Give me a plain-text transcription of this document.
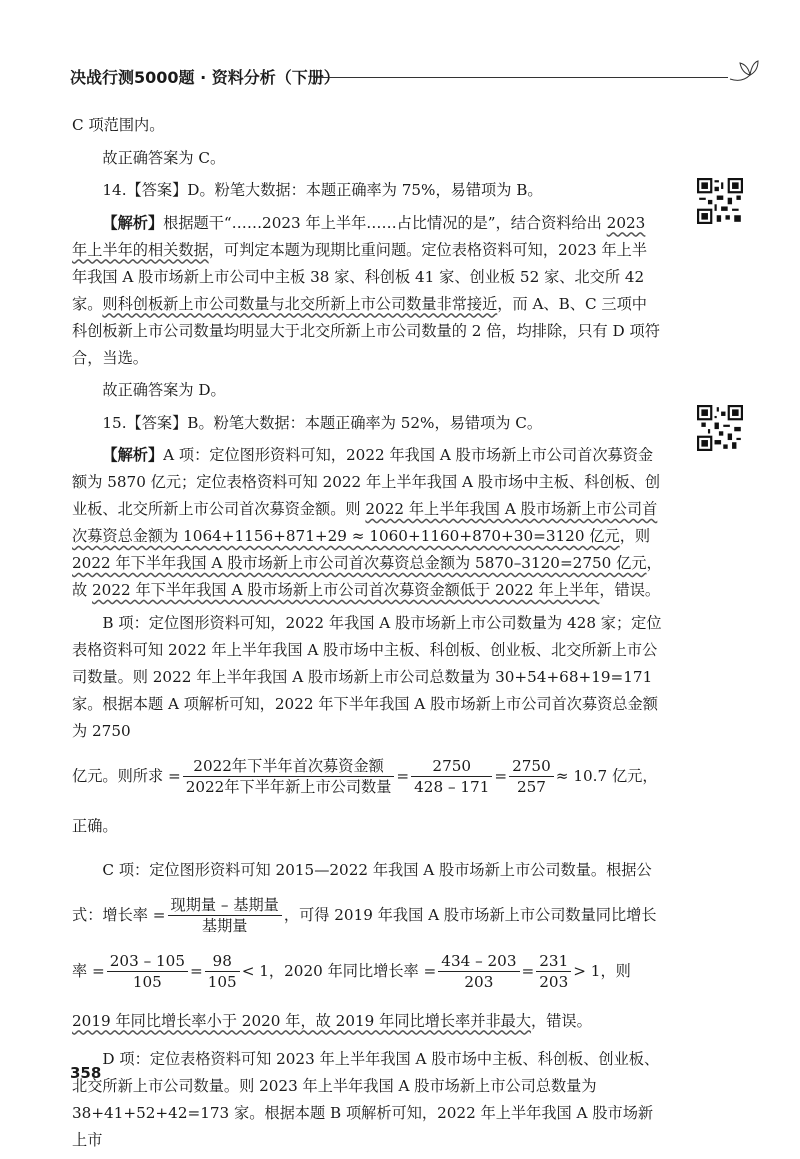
决战行测5000题 · 资料分析（下册）

C 项范围内。

故正确答案为 C。

14.【答案】D。粉笔大数据：本题正确率为 75%，易错项为 B。

【解析】根据题干“……2023 年上半年……占比情况的是”，结合资料给出 2023 年上半年的相关数据，可判定本题为现期比重问题。定位表格资料可知，2023 年上半年我国 A 股市场新上市公司中主板 38 家、科创板 41 家、创业板 52 家、北交所 42 家。则科创板新上市公司数量与北交所新上市公司数量非常接近，而 A、B、C 三项中科创板新上市公司数量均明显大于北交所新上市公司数量的 2 倍，均排除，只有 D 项符合，当选。

故正确答案为 D。

15.【答案】B。粉笔大数据：本题正确率为 52%，易错项为 C。

【解析】A 项：定位图形资料可知，2022 年我国 A 股市场新上市公司首次募资金额为 5870 亿元；定位表格资料可知 2022 年上半年我国 A 股市场中主板、科创板、创业板、北交所新上市公司首次募资金额。则 2022 年上半年我国 A 股市场新上市公司首次募资总金额为 1064+1156+871+29 ≈ 1060+1160+870+30=3120 亿元，则 2022 年下半年我国 A 股市场新上市公司首次募资总金额为 5870–3120=2750 亿元，故 2022 年下半年我国 A 股市场新上市公司首次募资金额低于 2022 年上半年，错误。

B 项：定位图形资料可知，2022 年我国 A 股市场新上市公司数量为 428 家；定位表格资料可知 2022 年上半年我国 A 股市场中主板、科创板、创业板、北交所新上市公司数量。则 2022 年上半年我国 A 股市场新上市公司总数量为 30+54+68+19=171 家。根据本题 A 项解析可知，2022 年下半年我国 A 股市场新上市公司首次募资总金额为 2750

亿元。则所求 = $\frac{\text{2022年下半年首次募资金额}}{\text{2022年下半年新上市公司数量}} = \frac{2750}{428 - 171} = \frac{2750}{257} \approx 10.7$ 亿元，正确。

C 项：定位图形资料可知 2015—2022 年我国 A 股市场新上市公司数量。根据公

式：增长率 = $\frac{\text{现期量 – 基期量}}{\text{基期量}}$ ，可得 2019 年我国 A 股市场新上市公司数量同比增长

率 = $\frac{203 - 105}{105} = \frac{98}{105} < 1$，2020 年同比增长率 = $\frac{434 - 203}{203} = \frac{231}{203} > 1$，则 2019 年同比增长率小于 2020 年，故 2019 年同比增长率并非最大，错误。

D 项：定位表格资料可知 2023 年上半年我国 A 股市场中主板、科创板、创业板、北交所新上市公司数量。则 2023 年上半年我国 A 股市场新上市公司总数量为 38+41+52+42=173 家。根据本题 B 项解析可知，2022 年上半年我国 A 股市场新上市

358
